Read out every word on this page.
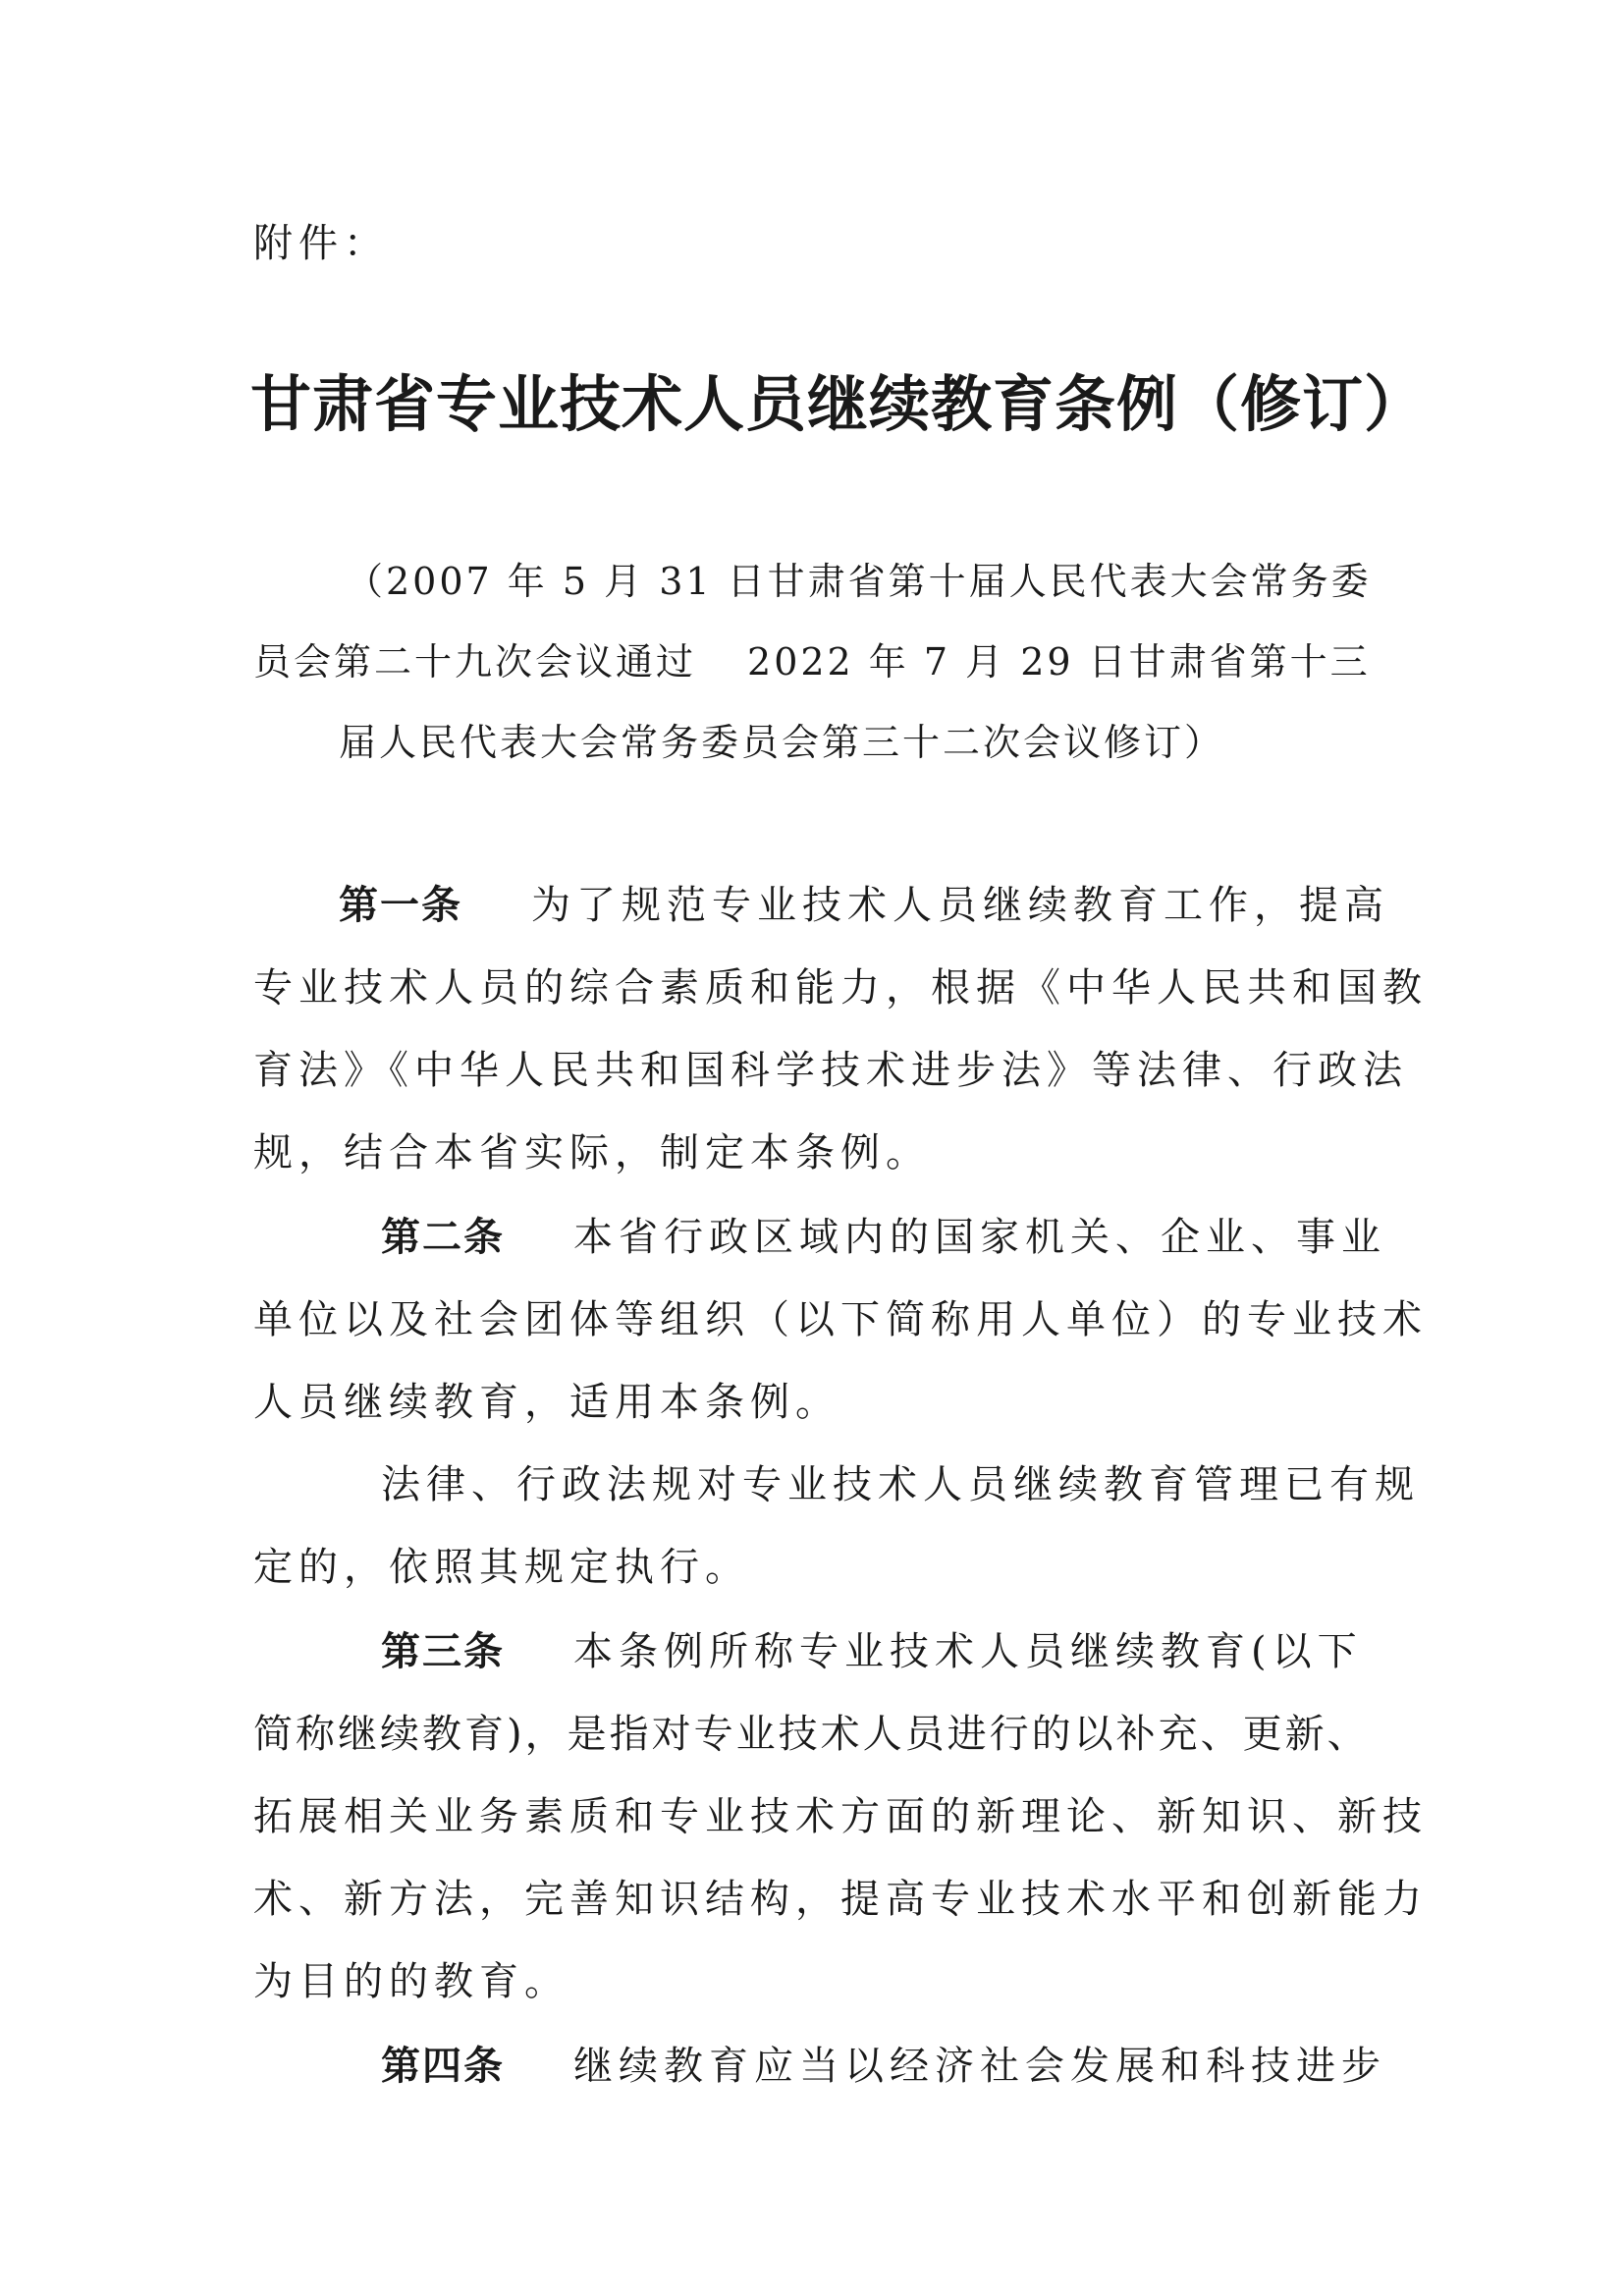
附件：
甘肃省专业技术人员继续教育条例（修订）
（2007 年 5 月 31 日甘肃省第十届人民代表大会常务委
员会第二十九次会议通过 2022 年 7 月 29 日甘肃省第十三
届人民代表大会常务委员会第三十二次会议修订）
第一条 为了规范专业技术人员继续教育工作，提高
专业技术人员的综合素质和能力，根据《中华人民共和国教
育法》《中华人民共和国科学技术进步法》等法律、行政法
规，结合本省实际，制定本条例。
第二条 本省行政区域内的国家机关、企业、事业
单位以及社会团体等组织（以下简称用人单位）的专业技术
人员继续教育，适用本条例。
法律、行政法规对专业技术人员继续教育管理已有规
定的，依照其规定执行。
第三条 本条例所称专业技术人员继续教育(以下
简称继续教育)，是指对专业技术人员进行的以补充、更新、
拓展相关业务素质和专业技术方面的新理论、新知识、新技
术、新方法，完善知识结构，提高专业技术水平和创新能力
为目的的教育。
第四条 继续教育应当以经济社会发展和科技进步
